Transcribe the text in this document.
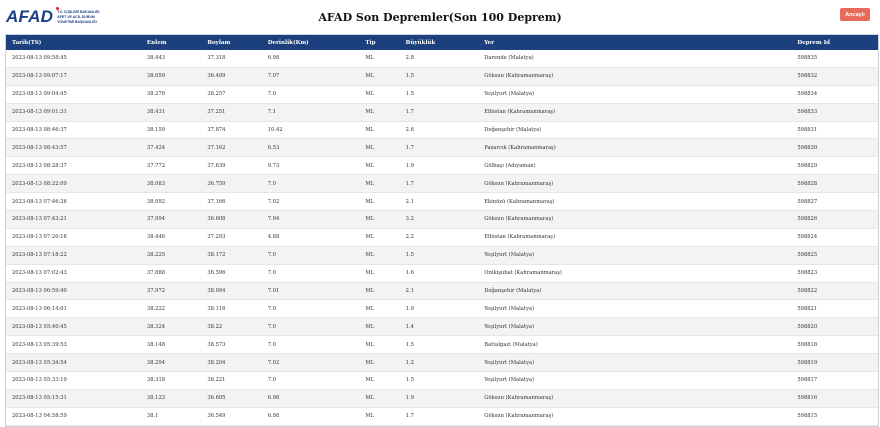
AFAD T.C. İÇİŞLERİ BAKANLIĞI
AFET VE ACİL DURUM
YÖNETİMİ BAŞKANLIĞI	AFAD Son Depremler(Son 100 Deprem)	Ancaylı
Tarih(TS)	Enlem	Boylam	Derinlik(Km)	Tip	Büyüklük	Yer	Deprem Id
2023-08-13 09:58:45	38.443	37.318	6.98	ML	2.8	Darende (Malatya)	598835
2023-08-13 09:07:17	38.059	36.409	7.07	ML	1.5	Göksun (Kahramanmaraş)	598832
2023-08-13 09:04:45	38.276	38.257	7.0	ML	1.5	Yeşilyurt (Malatya)	598834
2023-08-13 09:01:31	38.431	37.251	7.1	ML	1.7	Elbistan (Kahramanmaraş)	598833
2023-08-13 08:46:37	38.159	37.874	10.42	ML	2.6	Doğanşehir (Malatya)	598831
2023-08-13 08:43:57	37.424	37.162	6.53	ML	1.7	Pazarcık (Kahramanmaraş)	598830
2023-08-13 08:28:37	37.772	37.639	9.73	ML	1.9	Gölbaşı (Adıyaman)	598829
2023-08-13 08:22:09	38.083	36.759	7.0	ML	1.7	Göksun (Kahramanmaraş)	598828
2023-08-13 07:46:26	38.092	37.166	7.02	ML	2.1	Ekinözü (Kahramanmaraş)	598827
2023-08-13 07:43:21	37.994	36.608	7.94	ML	3.2	Göksun (Kahramanmaraş)	598826
2023-08-13 07:20:18	38.446	37.293	4.88	ML	2.2	Elbistan (Kahramanmaraş)	598824
2023-08-13 07:18:22	38.225	38.172	7.0	ML	1.5	Yeşilyurt (Malatya)	598825
2023-08-13 07:02:43	37.888	36.596	7.0	ML	1.6	Onikişubat (Kahramanmaraş)	598823
2023-08-13 06:59:40	37.972	38.094	7.01	ML	2.1	Doğanşehir (Malatya)	598822
2023-08-13 06:14:01	38.222	38.116	7.0	ML	1.9	Yeşilyurt (Malatya)	598821
2023-08-13 05:40:45	38.324	38.22	7.0	ML	1.4	Yeşilyurt (Malatya)	598820
2023-08-13 05:39:53	38.148	38.573	7.0	ML	1.5	Battalgazi (Malatya)	598818
2023-08-13 05:34:54	38.294	38.204	7.02	ML	1.2	Yeşilyurt (Malatya)	598819
2023-08-13 05:33:19	38.318	38.221	7.0	ML	1.5	Yeşilyurt (Malatya)	598817
2023-08-13 05:15:31	38.123	36.605	6.98	ML	1.9	Göksun (Kahramanmaraş)	598816
2023-08-13 04:58:59	38.1	36.549	6.98	ML	1.7	Göksun (Kahramanmaraş)	598815
